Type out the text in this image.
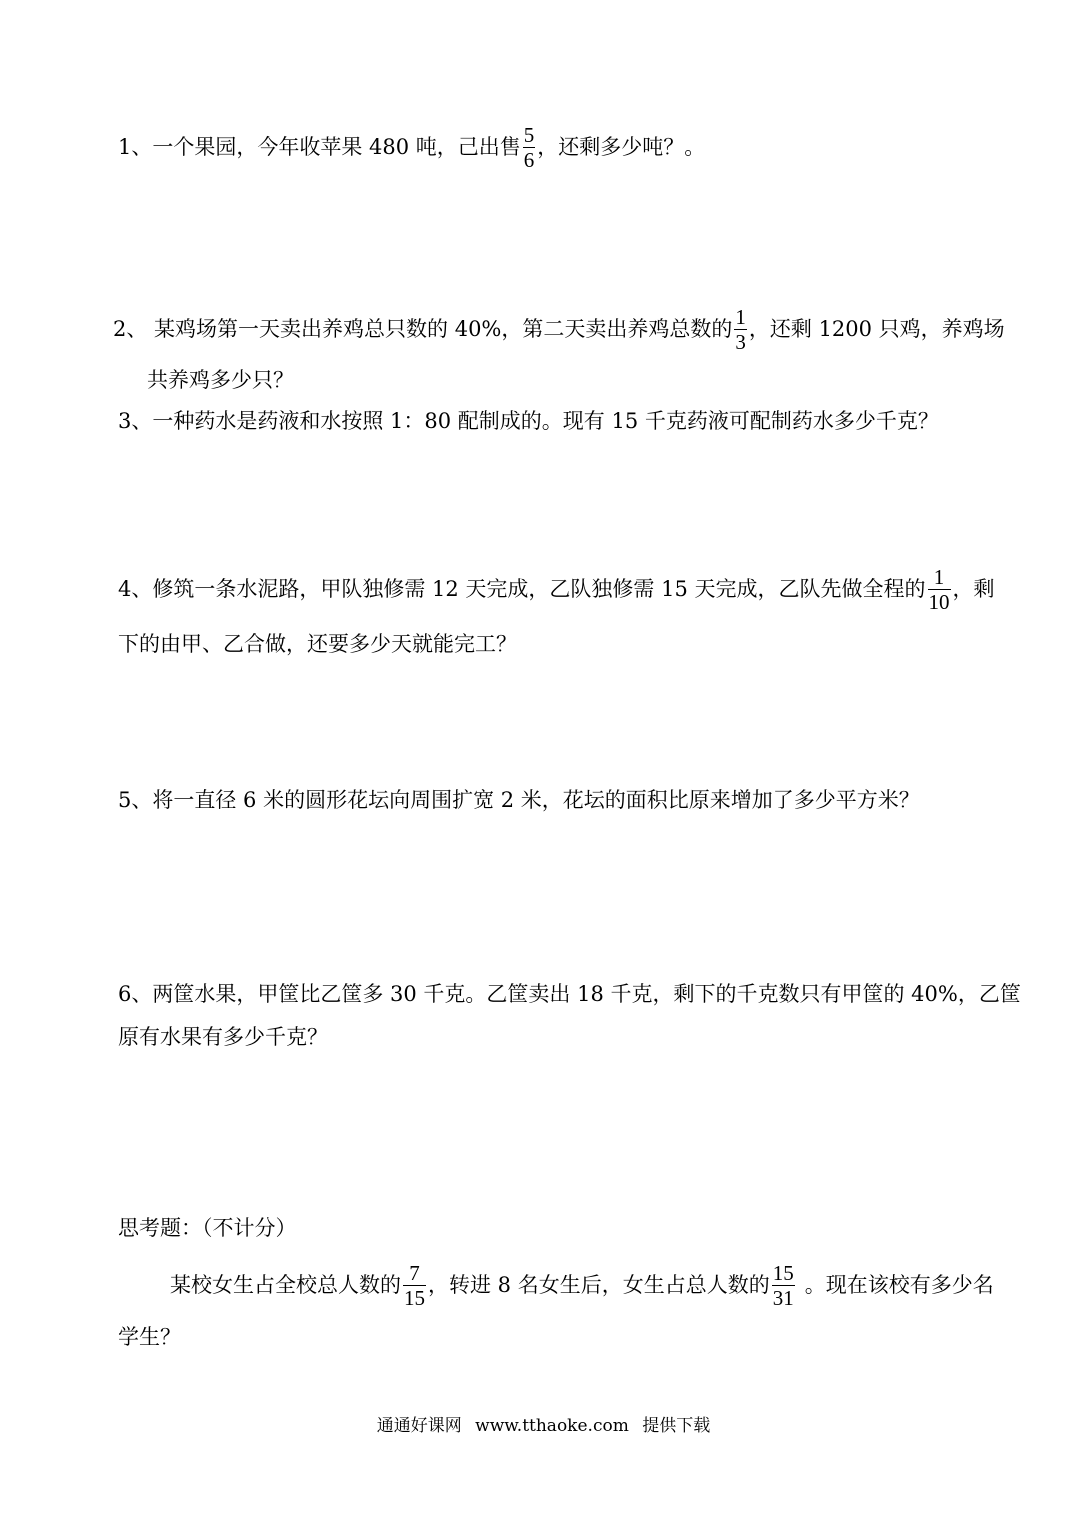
1、一个果园，今年收苹果 480 吨，己出售 $\frac{5}{6}$ ，还剩多少吨？。
2、 某鸡场第一天卖出养鸡总只数的 40%，第二天卖出养鸡总数的 $\frac{1}{3}$ ，还剩 1200 只鸡，养鸡场
共养鸡多少只？
3、一种药水是药液和水按照 1：80 配制成的。现有 15 千克药液可配制药水多少千克？
4、修筑一条水泥路，甲队独修需 12 天完成，乙队独修需 15 天完成，乙队先做全程的 $\frac{1}{10}$ ，剩
下的由甲、乙合做，还要多少天就能完工？
5、将一直径 6 米的圆形花坛向周围扩宽 2 米，花坛的面积比原来增加了多少平方米？
6、两筐水果，甲筐比乙筐多 30 千克。乙筐卖出 18 千克，剩下的千克数只有甲筐的 40%，乙筐
原有水果有多少千克？
思考题：（不计分）
某校女生占全校总人数的 $\frac{7}{15}$ ，转进 8 名女生后，女生占总人数的 $\frac{15}{31}$ 。现在该校有多少名
学生？
通通好课网 www.tthaoke.com 提供下载
